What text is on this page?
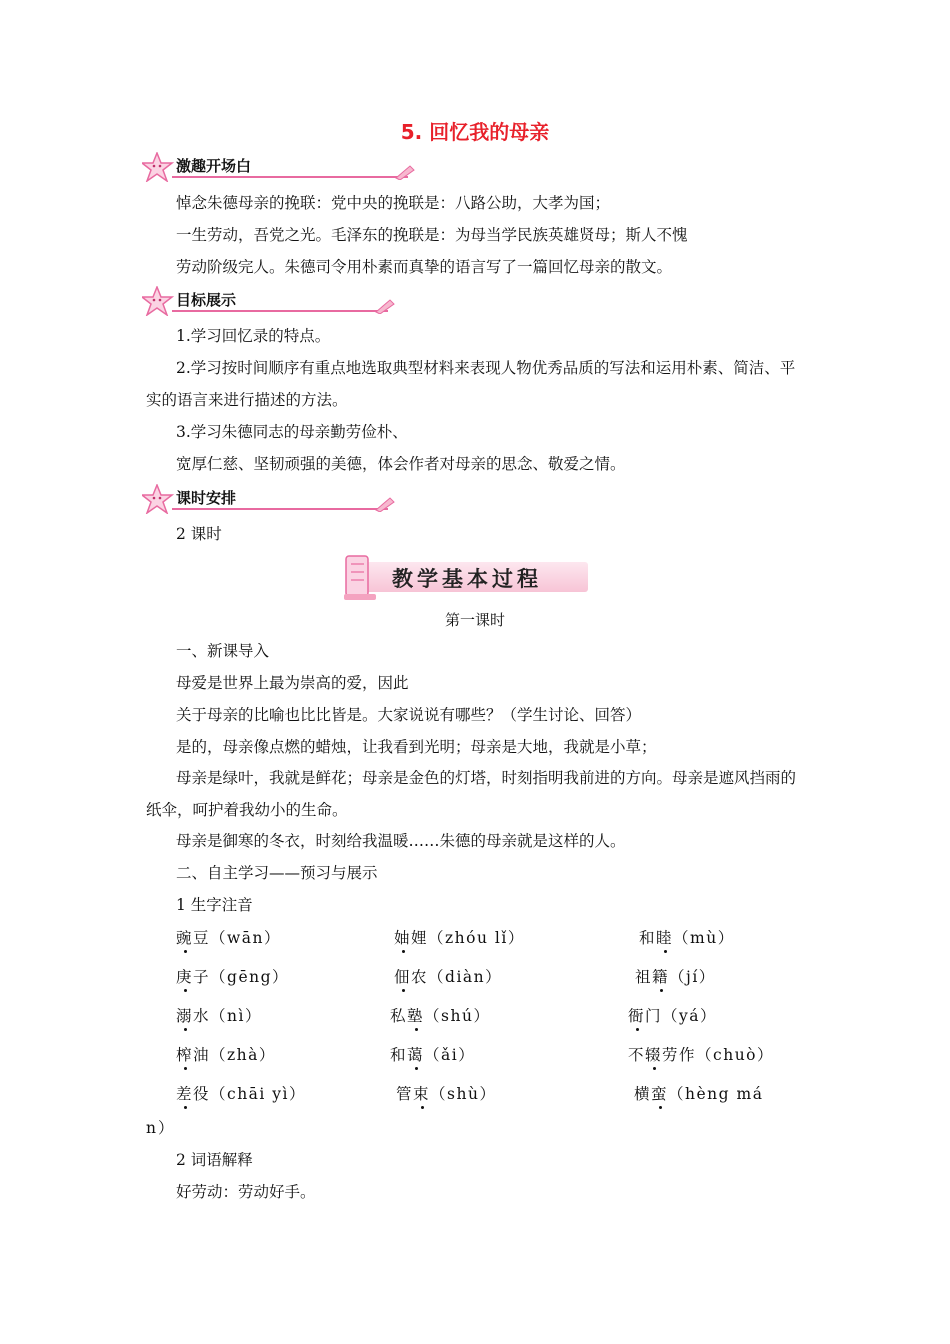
5. 回忆我的母亲
激趣开场白
悼念朱德母亲的挽联：党中央的挽联是：八路公助，大孝为国；
一生劳动，吾党之光。毛泽东的挽联是：为母当学民族英雄贤母；斯人不愧
劳动阶级完人。朱德司令用朴素而真挚的语言写了一篇回忆母亲的散文。
目标展示
1.学习回忆录的特点。
2.学习按时间顺序有重点地选取典型材料来表现人物优秀品质的写法和运用朴素、简洁、平实的语言来进行描述的方法。
3.学习朱德同志的母亲勤劳俭朴、
宽厚仁慈、坚韧顽强的美德，体会作者对母亲的思念、敬爱之情。
课时安排
2 课时
教学基本过程
第一课时
一、新课导入
母爱是世界上最为崇高的爱，因此
关于母亲的比喻也比比皆是。大家说说有哪些？（学生讨论、回答）
是的，母亲像点燃的蜡烛，让我看到光明；母亲是大地，我就是小草；
母亲是绿叶，我就是鲜花；母亲是金色的灯塔，时刻指明我前进的方向。母亲是遮风挡雨的纸伞，呵护着我幼小的生命。
母亲是御寒的冬衣，时刻给我温暖……朱德的母亲就是这样的人。
二、自主学习——预习与展示
1 生字注音
豌豆（wān）	妯娌（zhóu lǐ）	和睦（mù）
庚子（gēng）	佃农（diàn）	祖籍（jí）
溺水（nì）	私塾（shú）	衙门（yá）
榨油（zhà）	和蔼（ǎi）	不辍劳作（chuò）
差役（chāi yì）	管束（shù）	横蛮（hèng má
n）
2 词语解释
好劳动：劳动好手。
